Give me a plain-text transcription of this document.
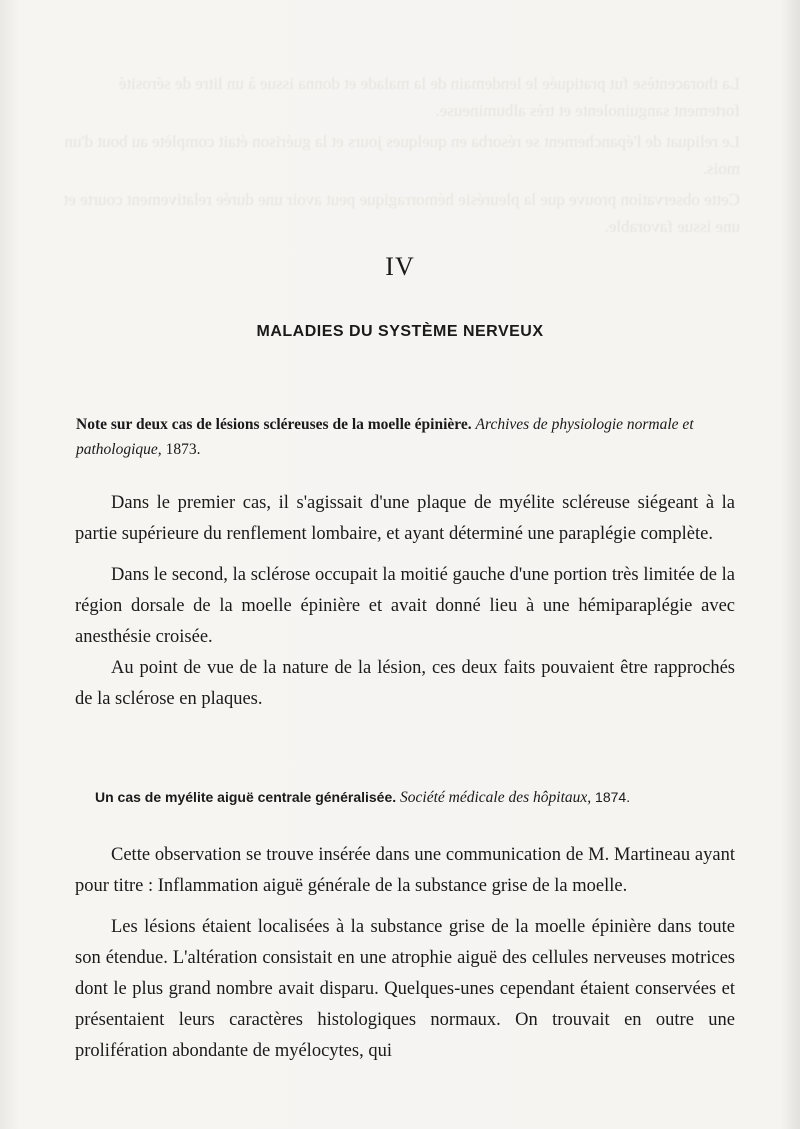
La thoracentèse fut pratiquée le lendemain de la malade et donna issue à un litre de sérosité fortement sanguinolente et très albumineuse.

Le reliquat de l'épanchement se résorba en quelques jours et la guérison était complète au bout d'un mois.

Cette observation prouve que la pleurésie hémorragique peut avoir une durée relativement courte et une issue favorable.

IV
MALADIES DU SYSTÈME NERVEUX
Note sur deux cas de lésions scléreuses de la moelle épinière. Archives de physiologie normale et pathologique, 1873.

Dans le premier cas, il s'agissait d'une plaque de myélite scléreuse siégeant à la partie supérieure du renflement lombaire, et ayant déterminé une paraplégie complète.

Dans le second, la sclérose occupait la moitié gauche d'une portion très limitée de la région dorsale de la moelle épinière et avait donné lieu à une hémiparaplégie avec anesthésie croisée.

Au point de vue de la nature de la lésion, ces deux faits pouvaient être rapprochés de la sclérose en plaques.

Un cas de myélite aiguë centrale généralisée. Société médicale des hôpitaux, 1874.

Cette observation se trouve insérée dans une communication de M. Martineau ayant pour titre : Inflammation aiguë générale de la substance grise de la moelle.

Les lésions étaient localisées à la substance grise de la moelle épinière dans toute son étendue. L'altération consistait en une atrophie aiguë des cellules nerveuses motrices dont le plus grand nombre avait disparu. Quelques-unes cependant étaient conservées et présentaient leurs caractères histologiques normaux. On trouvait en outre une prolifération abondante de myélocytes, qui
